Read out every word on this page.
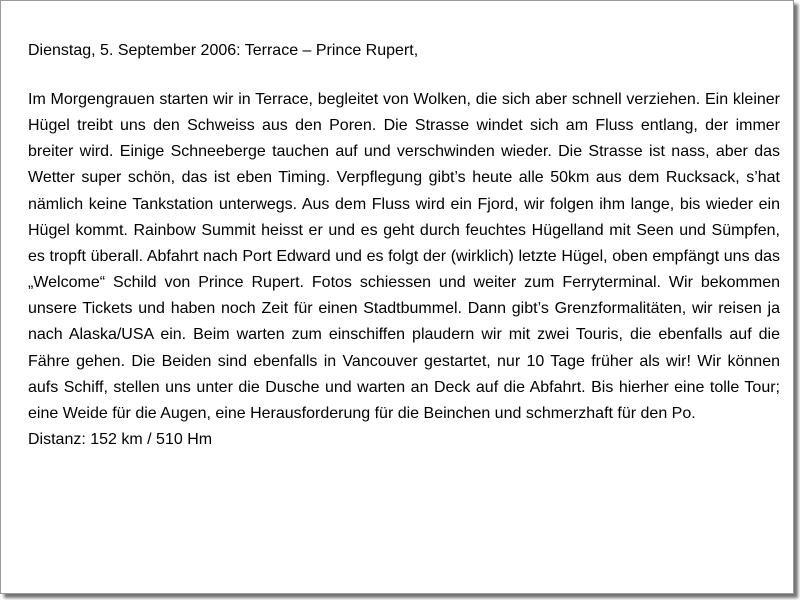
Dienstag, 5. September 2006: Terrace – Prince Rupert,

Im Morgengrauen starten wir in Terrace, begleitet von Wolken, die sich aber schnell verziehen. Ein kleiner Hügel treibt uns den Schweiss aus den Poren. Die Strasse windet sich am Fluss entlang, der immer breiter wird. Einige Schneeberge tauchen auf und verschwinden wieder. Die Strasse ist nass, aber das Wetter super schön, das ist eben Timing. Verpflegung gibt’s heute alle 50km aus dem Rucksack, s’hat nämlich keine Tankstation unterwegs. Aus dem Fluss wird ein Fjord, wir folgen ihm lange, bis wieder ein Hügel kommt. Rainbow Summit heisst er und es geht durch feuchtes Hügelland mit Seen und Sümpfen, es tropft überall. Abfahrt nach Port Edward und es folgt der (wirklich) letzte Hügel, oben empfängt uns das „Welcome“ Schild von Prince Rupert. Fotos schiessen und weiter zum Ferryterminal. Wir bekommen unsere Tickets und haben noch Zeit für einen Stadtbummel. Dann gibt’s Grenzformalitäten, wir reisen ja nach Alaska/USA ein. Beim warten zum einschiffen plaudern wir mit zwei Touris, die ebenfalls auf die Fähre gehen. Die Beiden sind ebenfalls in Vancouver gestartet, nur 10 Tage früher als wir! Wir können aufs Schiff, stellen uns unter die Dusche und warten an Deck auf die Abfahrt. Bis hierher eine tolle Tour; eine Weide für die Augen, eine Herausforderung für die Beinchen und schmerzhaft für den Po.

Distanz: 152 km / 510 Hm
